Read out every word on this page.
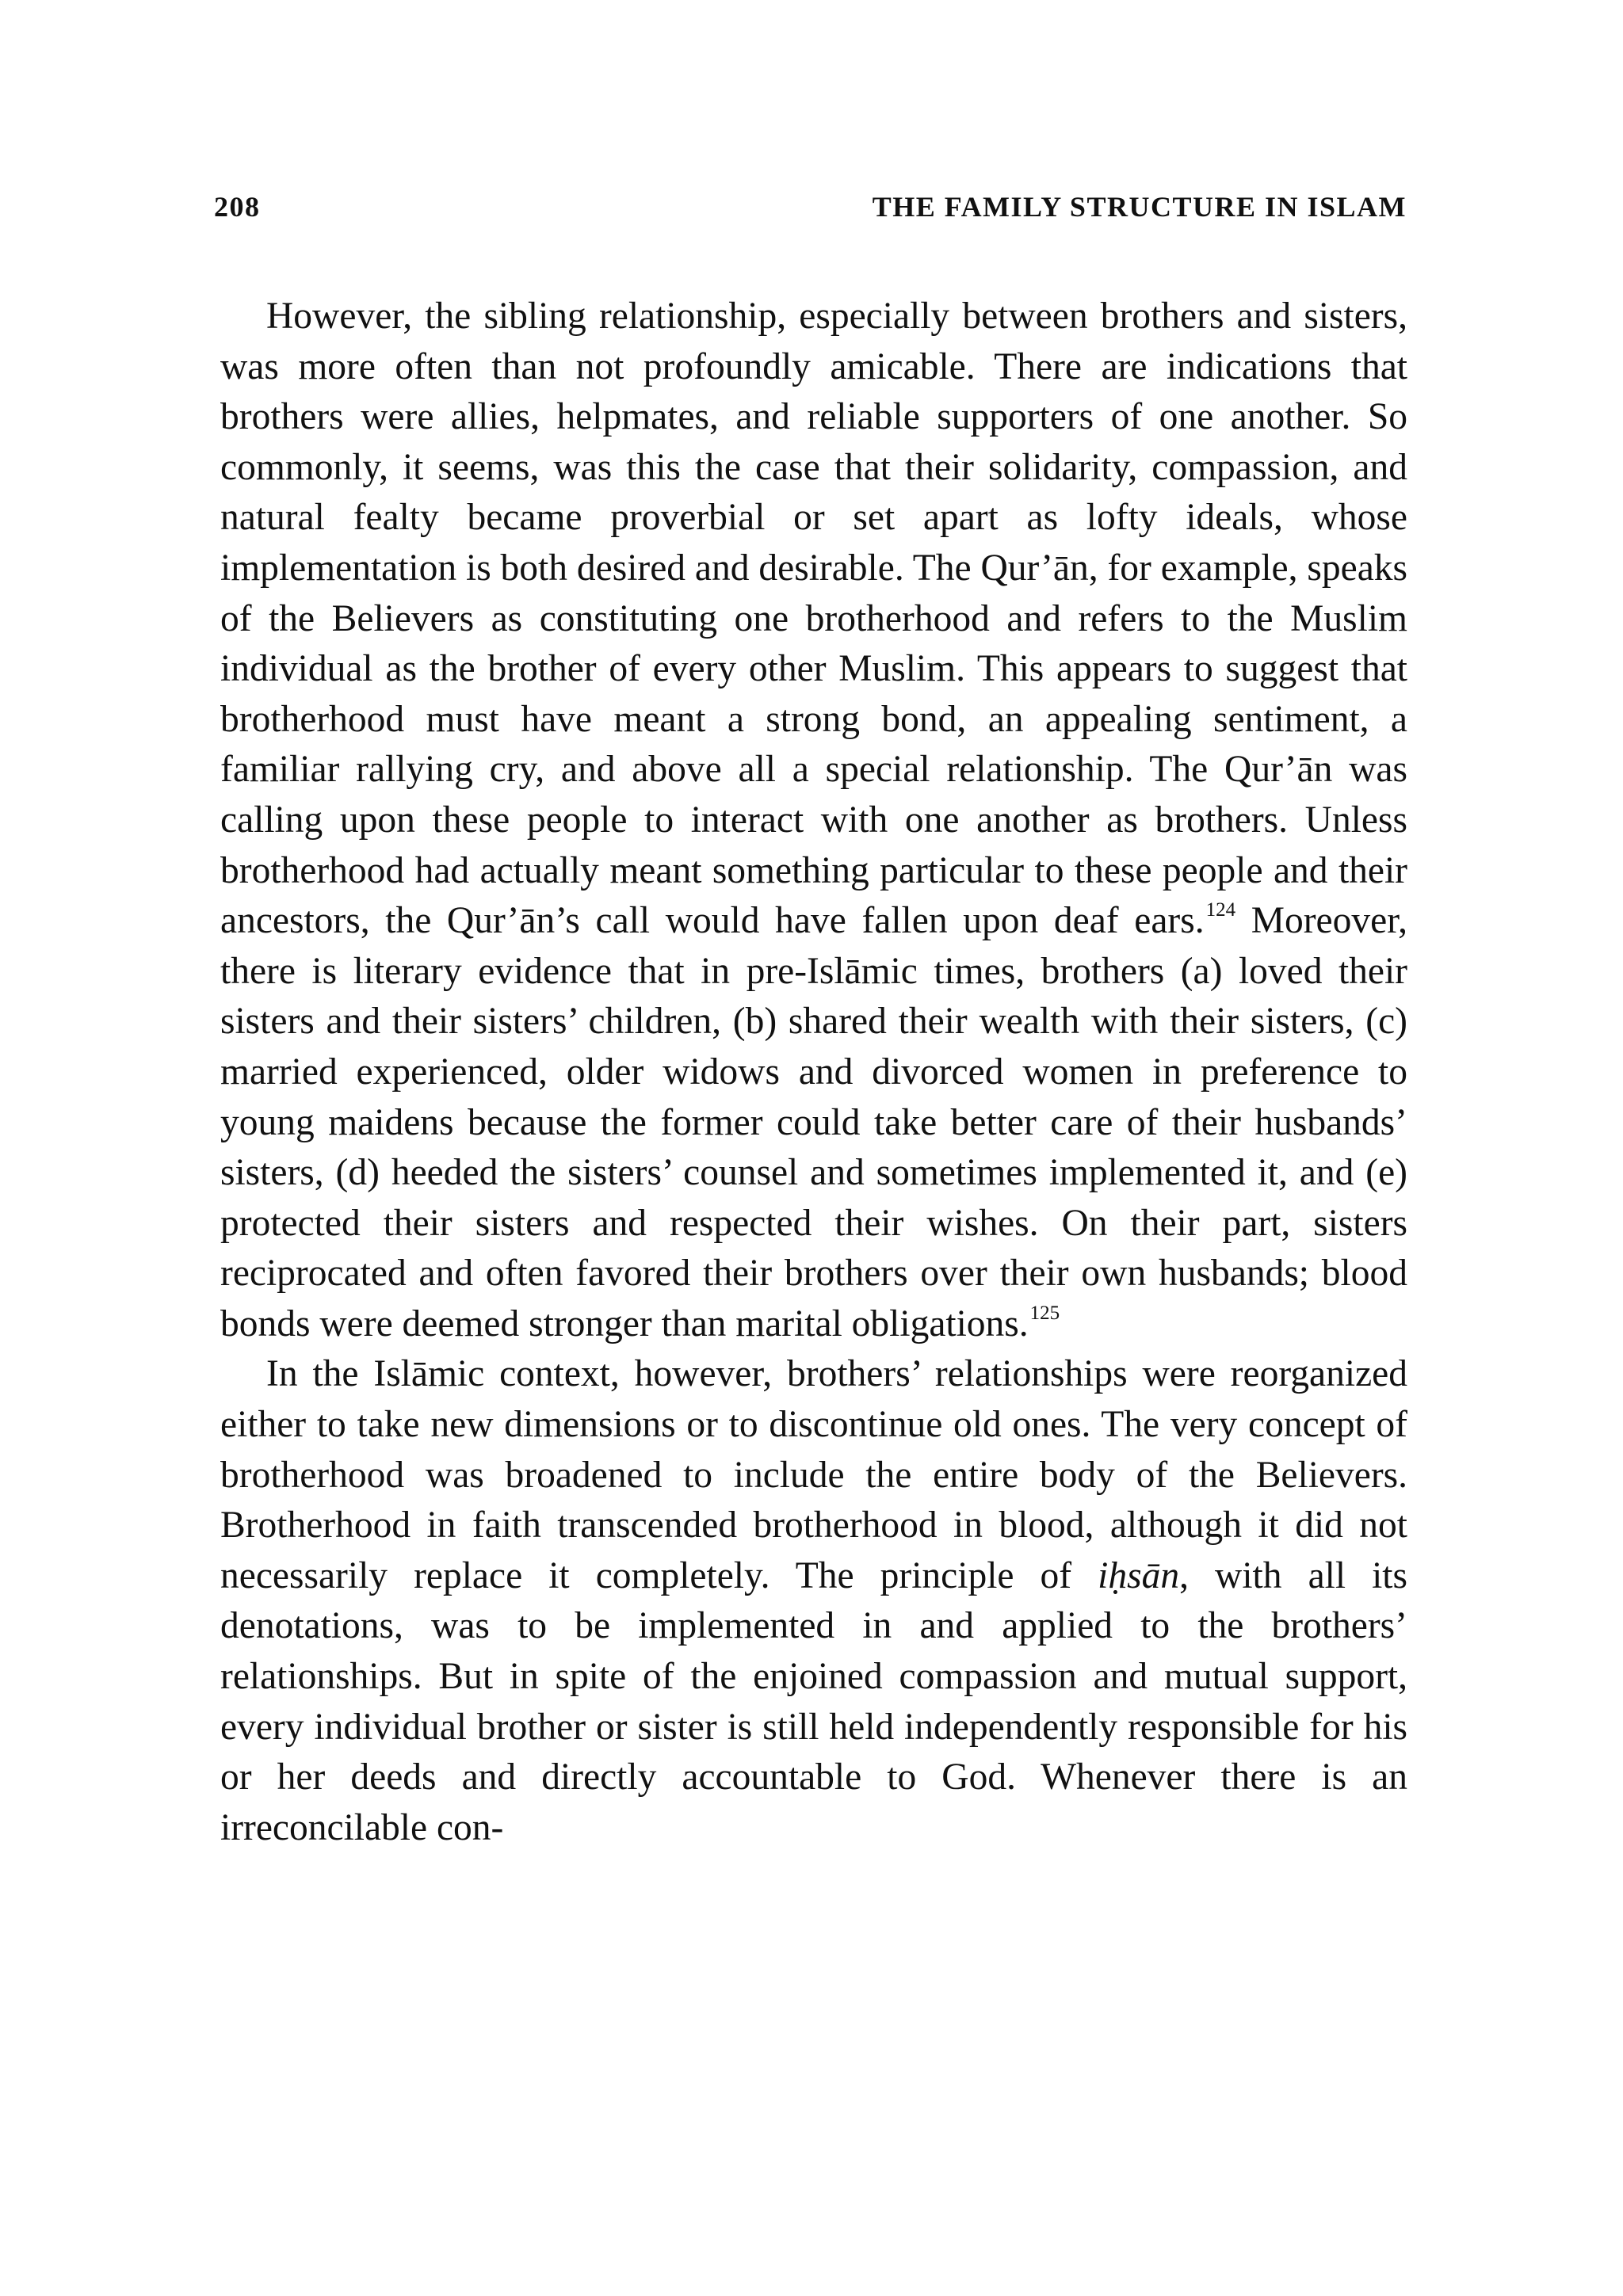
208	THE FAMILY STRUCTURE IN ISLAM

However, the sibling relationship, especially between brothers and sisters, was more often than not profoundly amicable. There are indications that brothers were allies, helpmates, and reliable supporters of one another. So commonly, it seems, was this the case that their solidarity, compassion, and natural fealty became proverbial or set apart as lofty ideals, whose implementation is both desired and desirable. The Qur’ān, for example, speaks of the Believers as constituting one brotherhood and refers to the Muslim individual as the brother of every other Muslim. This appears to suggest that brotherhood must have meant a strong bond, an appealing sentiment, a familiar rallying cry, and above all a special relationship. The Qur’ān was calling upon these people to interact with one another as brothers. Unless brotherhood had actually meant something particular to these people and their ancestors, the Qur’ān’s call would have fallen upon deaf ears.$^{124}$ Moreover, there is literary evidence that in pre-Islāmic times, brothers (a) loved their sisters and their sisters’ children, (b) shared their wealth with their sisters, (c) married experienced, older widows and divorced women in preference to young maidens because the former could take better care of their husbands’ sisters, (d) heeded the sisters’ counsel and sometimes implemented it, and (e) protected their sisters and respected their wishes. On their part, sisters reciprocated and often favored their brothers over their own husbands; blood bonds were deemed stronger than marital obligations.$^{125}$

In the Islāmic context, however, brothers’ relationships were reorganized either to take new dimensions or to discontinue old ones. The very concept of brotherhood was broadened to include the entire body of the Believers. Brotherhood in faith transcended brotherhood in blood, although it did not necessarily replace it completely. The principle of iḥsān, with all its denotations, was to be implemented in and applied to the brothers’ relationships. But in spite of the enjoined compassion and mutual support, every individual brother or sister is still held independently responsible for his or her deeds and directly accountable to God. Whenever there is an irreconcilable con-
